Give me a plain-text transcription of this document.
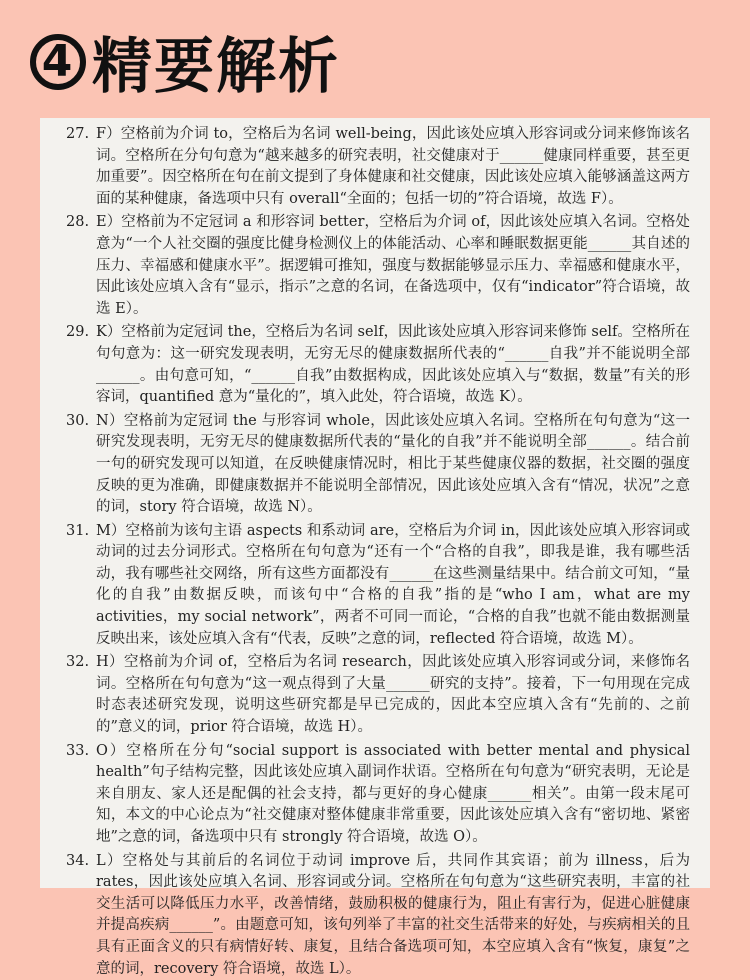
4 精要解析
27. F）空格前为介词 to，空格后为名词 well-being，因此该处应填入形容词或分词来修饰该名词。空格所在分句句意为“越来越多的研究表明，社交健康对于______健康同样重要，甚至更加重要”。因空格所在句在前文提到了身体健康和社交健康，因此该处应填入能够涵盖这两方面的某种健康，备选项中只有 overall“全面的；包括一切的”符合语境，故选 F）。
28. E）空格前为不定冠词 a 和形容词 better，空格后为介词 of，因此该处应填入名词。空格处意为“一个人社交圈的强度比健身检测仪上的体能活动、心率和睡眠数据更能______其自述的压力、幸福感和健康水平”。据逻辑可推知，强度与数据能够显示压力、幸福感和健康水平，因此该处应填入含有“显示，指示”之意的名词，在备选项中，仅有“indicator”符合语境，故选 E）。
29. K）空格前为定冠词 the，空格后为名词 self，因此该处应填入形容词来修饰 self。空格所在句句意为：这一研究发现表明，无穷无尽的健康数据所代表的“______自我”并不能说明全部______。由句意可知，“______自我”由数据构成，因此该处应填入与“数据，数量”有关的形容词，quantified 意为“量化的”，填入此处，符合语境，故选 K）。
30. N）空格前为定冠词 the 与形容词 whole，因此该处应填入名词。空格所在句句意为“这一研究发现表明，无穷无尽的健康数据所代表的“量化的自我”并不能说明全部______。结合前一句的研究发现可以知道，在反映健康情况时，相比于某些健康仪器的数据，社交圈的强度反映的更为准确，即健康数据并不能说明全部情况，因此该处应填入含有“情况，状况”之意的词，story 符合语境，故选 N）。
31. M）空格前为该句主语 aspects 和系动词 are，空格后为介词 in，因此该处应填入形容词或动词的过去分词形式。空格所在句句意为“还有一个“合格的自我”，即我是谁，我有哪些活动，我有哪些社交网络，所有这些方面都没有______在这些测量结果中。结合前文可知，“量化的自我”由数据反映，而该句中“合格的自我”指的是“who I am，what are my activities，my social network”，两者不可同一而论，“合格的自我”也就不能由数据测量反映出来，该处应填入含有“代表，反映”之意的词，reflected 符合语境，故选 M）。
32. H）空格前为介词 of，空格后为名词 research，因此该处应填入形容词或分词，来修饰名词。空格所在句句意为“这一观点得到了大量______研究的支持”。接着，下一句用现在完成时态表述研究发现，说明这些研究都是早已完成的，因此本空应填入含有“先前的、之前的”意义的词，prior 符合语境，故选 H）。
33. O）空格所在分句“social support is associated with better mental and physical health”句子结构完整，因此该处应填入副词作状语。空格所在句句意为“研究表明，无论是来自朋友、家人还是配偶的社会支持，都与更好的身心健康______相关”。由第一段末尾可知，本文的中心论点为“社交健康对整体健康非常重要，因此该处应填入含有“密切地、紧密地”之意的词，备选项中只有 strongly 符合语境，故选 O）。
34. L）空格处与其前后的名词位于动词 improve 后，共同作其宾语；前为 illness，后为 rates，因此该处应填入名词、形容词或分词。空格所在句句意为“这些研究表明，丰富的社交生活可以降低压力水平，改善情绪，鼓励积极的健康行为，阻止有害行为，促进心脏健康并提高疾病______”。由题意可知，该句列举了丰富的社交生活带来的好处，与疾病相关的且具有正面含义的只有病情好转、康复，且结合备选项可知，本空应填入含有“恢复，康复”之意的词，recovery 符合语境，故选 L）。
